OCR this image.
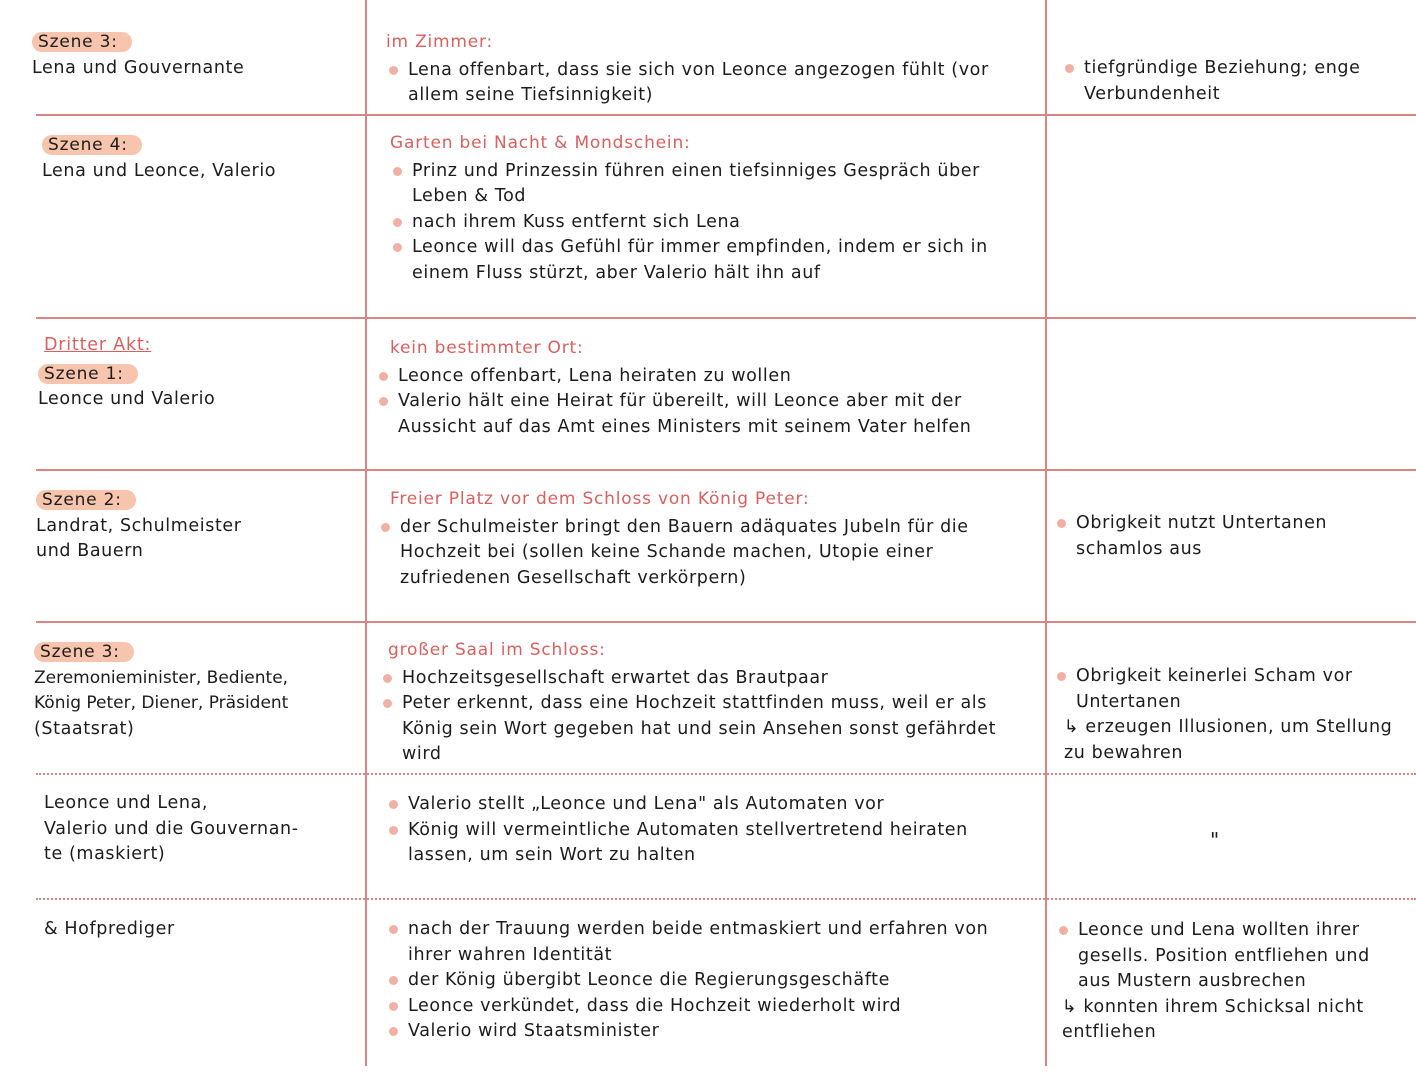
Szene 3:
Lena und Gouvernante
im Zimmer:
Lena offenbart, dass sie sich von Leonce angezogen fühlt (vor allem seine Tiefsinnigkeit)
tiefgründige Beziehung; enge Verbundenheit
Szene 4:
Lena und Leonce, Valerio
Garten bei Nacht & Mondschein:
Prinz und Prinzessin führen einen tiefsinniges Gespräch über Leben & Tod
nach ihrem Kuss entfernt sich Lena
Leonce will das Gefühl für immer empfinden, indem er sich in einem Fluss stürzt, aber Valerio hält ihn auf
Dritter Akt:
Szene 1:
Leonce und Valerio
kein bestimmter Ort:
Leonce offenbart, Lena heiraten zu wollen
Valerio hält eine Heirat für übereilt, will Leonce aber mit der Aussicht auf das Amt eines Ministers mit seinem Vater helfen
Szene 2:
Landrat, Schulmeister
und Bauern
Freier Platz vor dem Schloss von König Peter:
der Schulmeister bringt den Bauern adäquates Jubeln für die Hochzeit bei (sollen keine Schande machen, Utopie einer zufriedenen Gesellschaft verkörpern)
Obrigkeit nutzt Untertanen schamlos aus
Szene 3:
Zeremonieminister, Bediente,
König Peter, Diener, Präsident
(Staatsrat)
großer Saal im Schloss:
Hochzeitsgesellschaft erwartet das Brautpaar
Peter erkennt, dass eine Hochzeit stattfinden muss, weil er als König sein Wort gegeben hat und sein Ansehen sonst gefährdet wird
Obrigkeit keinerlei Scham vor Untertanen
↳ erzeugen Illusionen, um Stellung zu bewahren
Leonce und Lena,
Valerio und die Gouvernan-
te (maskiert)
Valerio stellt „Leonce und Lena" als Automaten vor
König will vermeintliche Automaten stellvertretend heiraten lassen, um sein Wort zu halten
"
& Hofprediger	nach der Trauung werden beide entmaskiert und erfahren von ihrer wahren Identität
der König übergibt Leonce die Regierungsgeschäfte
Leonce verkündet, dass die Hochzeit wiederholt wird
Valerio wird Staatsminister
Leonce und Lena wollten ihrer gesells. Position entfliehen und aus Mustern ausbrechen
↳ konnten ihrem Schicksal nicht entfliehen
